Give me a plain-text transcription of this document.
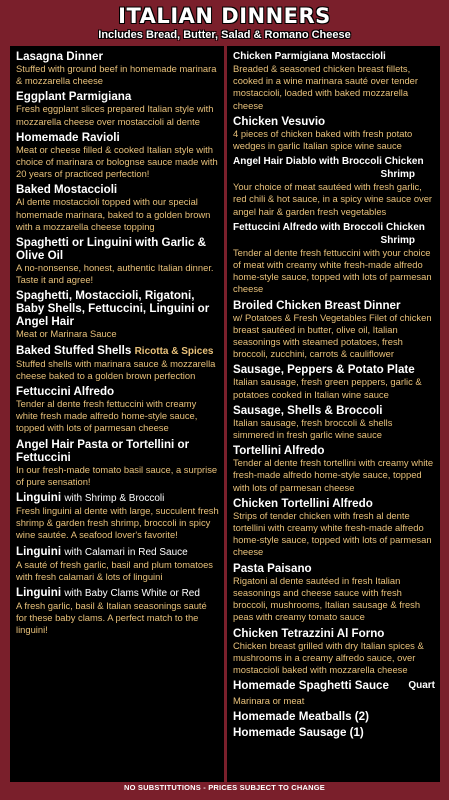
ITALIAN DINNERS
Includes Bread, Butter, Salad & Romano Cheese
Lasagna Dinner
Stuffed with ground beef in homemade marinara & mozzarella cheese
Eggplant Parmigiana
Fresh eggplant slices prepared Italian style with mozzarella cheese over mostaccioli al dente
Homemade Ravioli
Meat or cheese filled & cooked Italian style with choice of marinara or bolognse sauce made with 20 years of practiced perfection!
Baked Mostaccioli
Al dente mostaccioli topped with our special homemade marinara, baked to a golden brown with a mozzarella cheese topping
Spaghetti or Linguini with Garlic & Olive Oil
A no-nonsense, honest, authentic Italian dinner. Taste it and agree!
Spaghetti, Mostaccioli, Rigatoni, Baby Shells, Fettuccini, Linguini or Angel Hair
Meat or Marinara Sauce
Baked Stuffed Shells Ricotta & Spices
Stuffed shells with marinara sauce & mozzarella cheese baked to a golden brown perfection
Fettuccini Alfredo
Tender al dente fresh fettuccini with creamy white fresh made alfredo home-style sauce, topped with lots of parmesan cheese
Angel Hair Pasta or Tortellini or Fettuccini
In our fresh-made tomato basil sauce, a surprise of pure sensation!
Linguini with Shrimp & Broccoli
Fresh linguini al dente with large, succulent fresh shrimp & garden fresh shrimp, broccoli in spicy wine sautée. A seafood lover's favorite!
Linguini with Calamari in Red Sauce
A sauté of fresh garlic, basil and plum tomatoes with fresh calamari & lots of linguini
Linguini with Baby Clams White or Red
A fresh garlic, basil & Italian seasonings sauté for these baby clams. A perfect match to the linguini!
Chicken Parmigiana Mostaccioli
Breaded & seasoned chicken breast fillets, cooked in a wine marinara sauté over tender mostaccioli, loaded with baked mozzarella cheese
Chicken Vesuvio
4 pieces of chicken baked with fresh potato wedges in garlic Italian spice wine sauce
Angel Hair Diablo with Broccoli Chicken
Shrimp
Your choice of meat sautéed with fresh garlic, red chili & hot sauce, in a spicy wine sauce over angel hair & garden fresh vegetables
Fettuccini Alfredo with Broccoli Chicken
Shrimp
Tender al dente fresh fettuccini with your choice of meat with creamy white fresh-made alfredo home-style sauce, topped with lots of parmesan cheese
Broiled Chicken Breast Dinner
w/ Potatoes & Fresh Vegetables Filet of chicken breast sautéed in butter, olive oil, Italian seasonings with steamed potatoes, fresh broccoli, zucchini, carrots & cauliflower
Sausage, Peppers & Potato Plate
Italian sausage, fresh green peppers, garlic & potatoes cooked in Italian wine sauce
Sausage, Shells & Broccoli
Italian sausage, fresh broccoli & shells simmered in fresh garlic wine sauce
Tortellini Alfredo
Tender al dente fresh tortellini with creamy white fresh-made alfredo home-style sauce, topped with lots of parmesan cheese
Chicken Tortellini Alfredo
Strips of tender chicken with fresh al dente tortellini with creamy white fresh-made alfredo home-style sauce, topped with lots of parmesan cheese
Pasta Paisano
Rigatoni al dente sautéed in fresh Italian seasonings and cheese sauce with fresh broccoli, mushrooms, Italian sausage & fresh peas with creamy tomato sauce
Chicken Tetrazzini Al Forno
Chicken breast grilled with dry Italian spices & mushrooms in a creamy alfredo sauce, over mostaccioli baked with mozzarella cheese
Quart
Homemade Spaghetti Sauce
Marinara or meat
Homemade Meatballs (2)
Homemade Sausage (1)
NO SUBSTITUTIONS - PRICES SUBJECT TO CHANGE
